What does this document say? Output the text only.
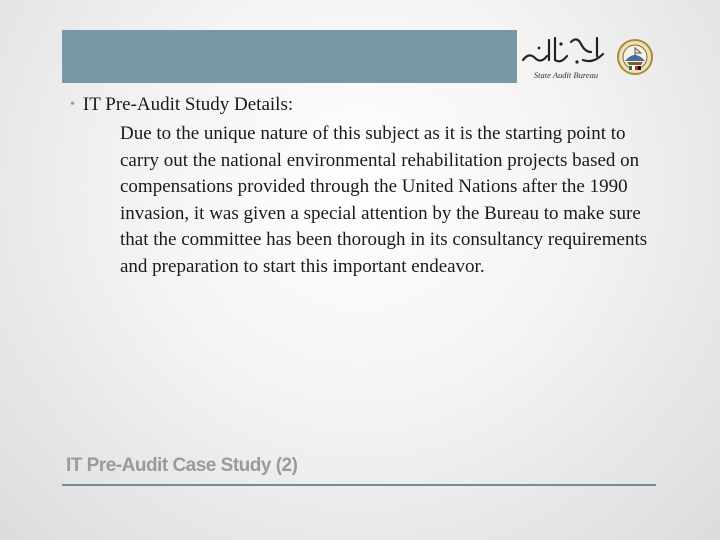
State Audit Bureau
• IT Pre-Audit Study Details:
Due to the unique nature of this subject as it is the starting point to carry out the national environmental rehabilitation projects based on compensations provided through the United Nations after the 1990 invasion, it was given a special attention by the Bureau to make sure that the committee has been thorough in its consultancy requirements and preparation to start this important endeavor.
IT Pre-Audit Case Study (2)
